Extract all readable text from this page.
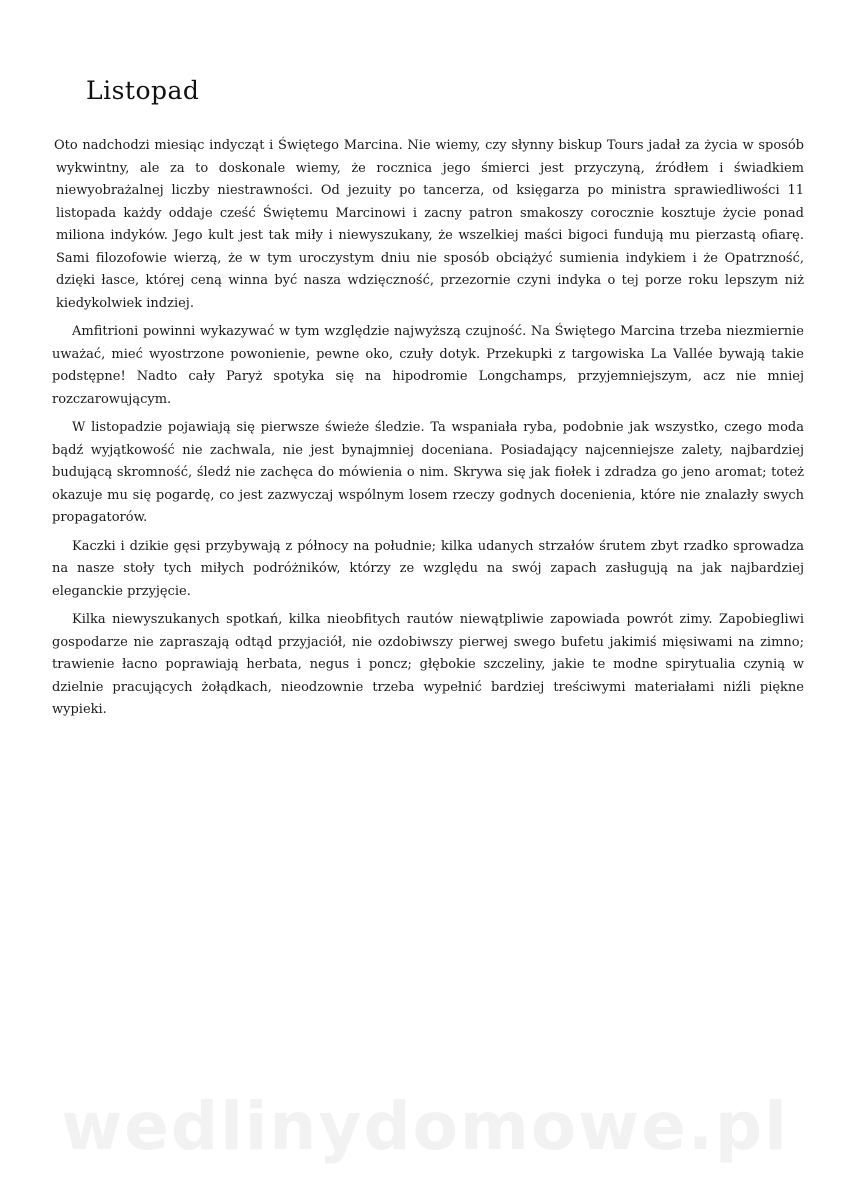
Listopad

Oto nadchodzi miesiąc indycząt i Świętego Marcina. Nie wiemy, czy słynny biskup Tours jadał za życia w sposób wykwintny, ale za to doskonale wiemy, że rocznica jego śmierci jest przyczyną, źródłem i świadkiem niewyobrażalnej liczby niestrawności. Od jezuity po tancerza, od księgarza po ministra sprawiedliwości 11 listopada każdy oddaje cześć Świętemu Marcinowi i zacny patron smakoszy corocznie kosztuje życie ponad miliona indyków. Jego kult jest tak miły i niewyszukany, że wszelkiej maści bigoci fundują mu pierzastą ofiarę. Sami filozofowie wierzą, że w tym uroczystym dniu nie sposób obciążyć sumienia indykiem i że Opatrzność, dzięki łasce, której ceną winna być nasza wdzięczność, przezornie czyni indyka o tej porze roku lepszym niż kiedykolwiek indziej.

Amfitrioni powinni wykazywać w tym względzie najwyższą czujność. Na Świętego Marcina trzeba niezmiernie uważać, mieć wyostrzone powonienie, pewne oko, czuły dotyk. Przekupki z targowiska La Vallée bywają takie podstępne! Nadto cały Paryż spotyka się na hipodromie Longchamps, przyjemniejszym, acz nie mniej rozczarowującym.

W listopadzie pojawiają się pierwsze świeże śledzie. Ta wspaniała ryba, podobnie jak wszystko, czego moda bądź wyjątkowość nie zachwala, nie jest bynajmniej doceniana. Posiadający najcenniejsze zalety, najbardziej budującą skromność, śledź nie zachęca do mówienia o nim. Skrywa się jak fiołek i zdradza go jeno aromat; toteż okazuje mu się pogardę, co jest zazwyczaj wspólnym losem rzeczy godnych docenienia, które nie znalazły swych propagatorów.

Kaczki i dzikie gęsi przybywają z północy na południe; kilka udanych strzałów śrutem zbyt rzadko sprowadza na nasze stoły tych miłych podróżników, którzy ze względu na swój zapach zasługują na jak najbardziej eleganckie przyjęcie.

Kilka niewyszukanych spotkań, kilka nieobfitych rautów niewątpliwie zapowiada powrót zimy. Zapobiegliwi gospodarze nie zapraszają odtąd przyjaciół, nie ozdobiwszy pierwej swego bufetu jakimiś mięsiwami na zimno; trawienie łacno poprawiają herbata, negus i poncz; głębokie szczeliny, jakie te modne spirytualia czynią w dzielnie pracujących żołądkach, nieodzownie trzeba wypełnić bardziej treściwymi materiałami niźli piękne wypieki.

wedlinydomowe.pl
